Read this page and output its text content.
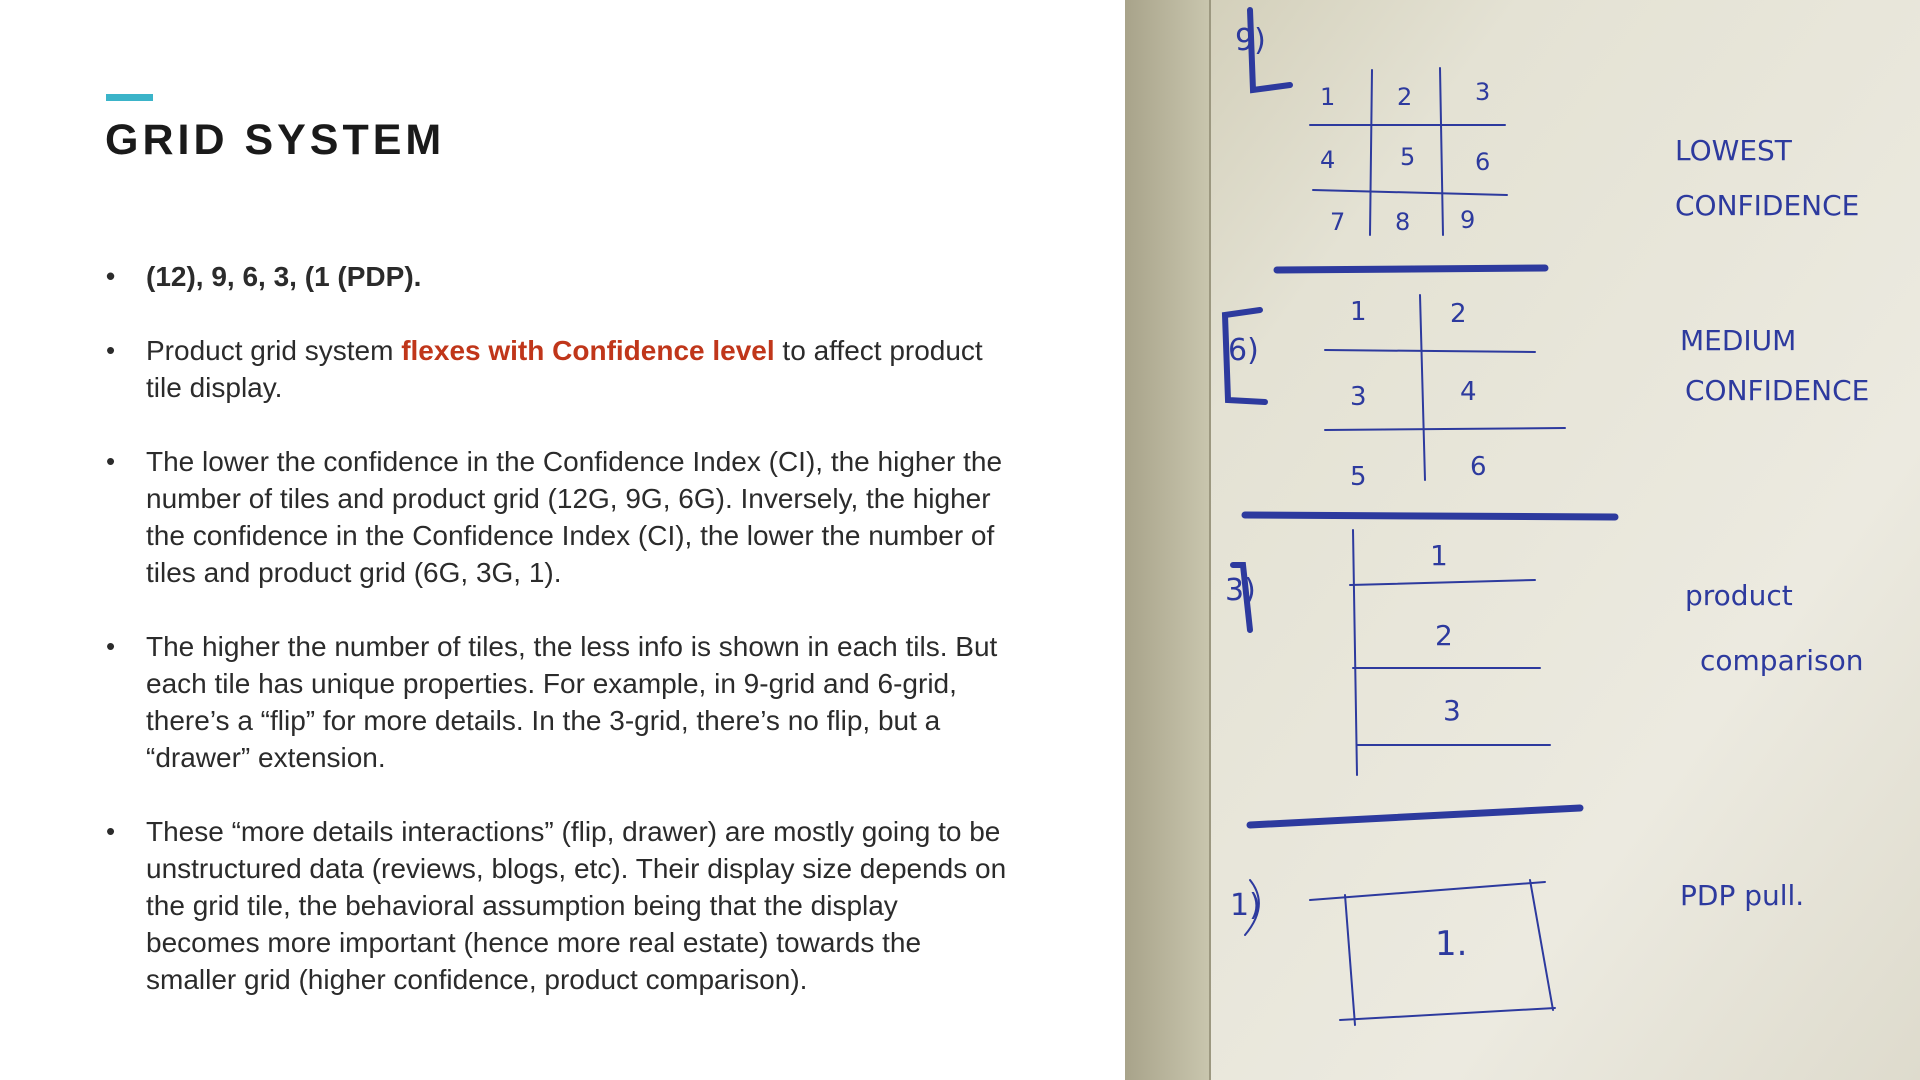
GRID SYSTEM
• (12), 9, 6, 3, (1 (PDP).
• Product grid system flexes with Confidence level to affect product tile display.
• The lower the confidence in the Confidence Index (CI), the higher the number of tiles and product grid (12G, 9G, 6G). Inversely, the higher the confidence in the Confidence Index (CI), the lower the number of tiles and product grid (6G, 3G, 1).
• The higher the number of tiles, the less info is shown in each tils. But each tile has unique properties. For example, in 9-grid and 6-grid, there’s a “flip” for more details. In the 3-grid, there’s no flip, but a “drawer” extension.
• These “more details interactions” (flip, drawer) are mostly going to be unstructured data (reviews, blogs, etc). Their display size depends on the grid tile, the behavioral assumption being that the display becomes more important (hence more real estate) towards the smaller grid (higher confidence, product comparison).
9)
6)
3)
1)
1	2	3
4	5 6
7 8 9
1	2
3	4
5	6
1
2
3
1.
LOWEST
CONFIDENCE
MEDIUM
CONFIDENCE
product
comparison
PDP pull.
